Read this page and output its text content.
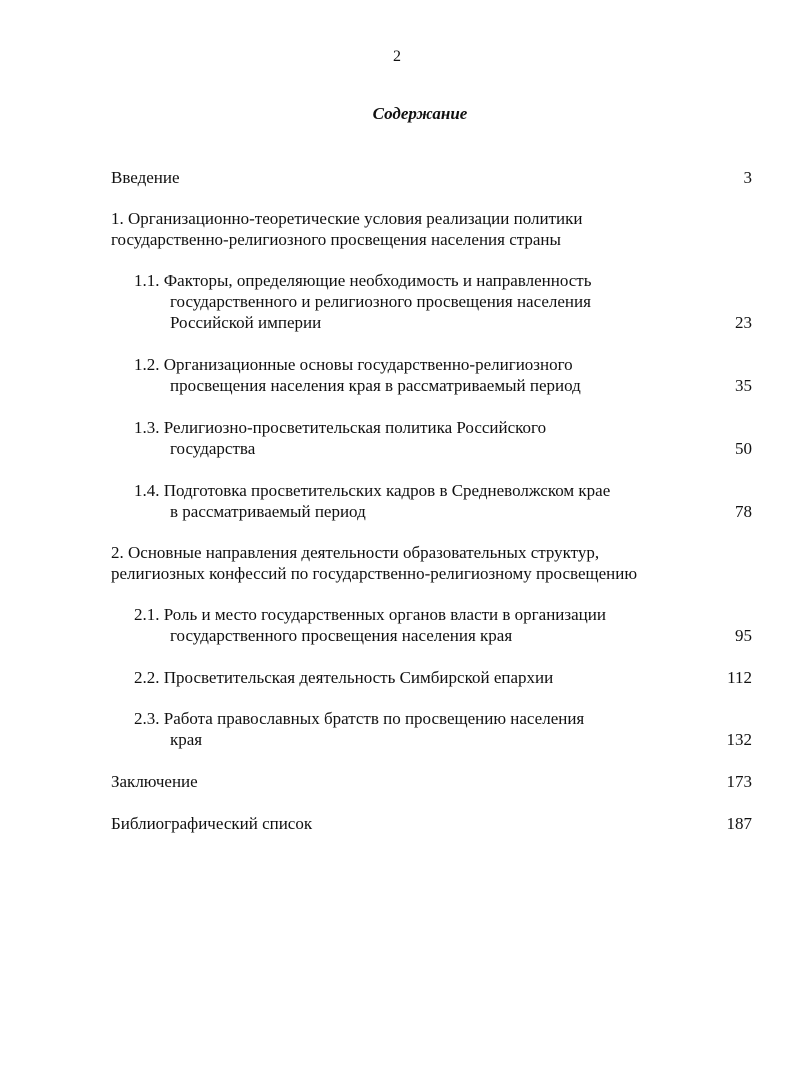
2
Содержание
Введение	3
1. Организационно-теоретические условия реализации политики
государственно-религиозного просвещения населения страны
1.1. Факторы, определяющие необходимость и направленность
государственного и религиозного просвещения населения
Российской империи	23
1.2. Организационные основы государственно-религиозного
просвещения населения края в рассматриваемый период	35
1.3. Религиозно-просветительская политика Российского
государства	50
1.4. Подготовка просветительских кадров в Средневолжском крае
в рассматриваемый период	78
2. Основные направления деятельности образовательных структур,
религиозных конфессий по государственно-религиозному просвещению
2.1. Роль и место государственных органов власти в организации
государственного просвещения населения края	95
2.2. Просветительская деятельность Симбирской епархии	112
2.3. Работа православных братств по просвещению населения
края	132
Заключение	173
Библиографический список	187
